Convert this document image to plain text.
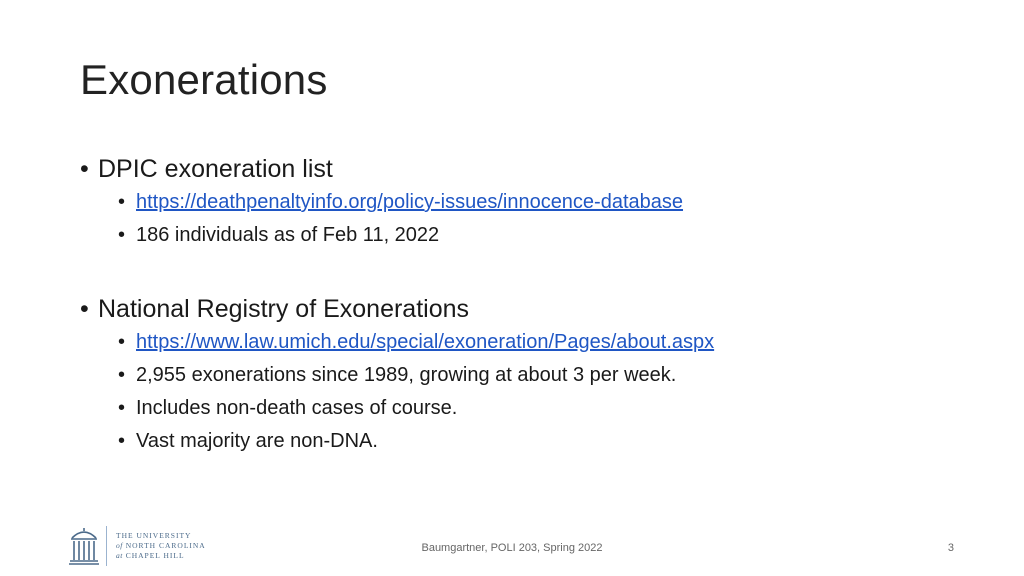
Exonerations

• DPIC exoneration list

• https://deathpenaltyinfo.org/policy-issues/innocence-database
• 186 individuals as of Feb 11, 2022

• National Registry of Exonerations

• https://www.law.umich.edu/special/exoneration/Pages/about.aspx
• 2,955 exonerations since 1989, growing at about 3 per week.
• Includes non-death cases of course.
• Vast majority are non-DNA.
THE UNIVERSITY
of NORTH CAROLINA
at CHAPEL HILL
Baumgartner, POLI 203, Spring 2022	3
